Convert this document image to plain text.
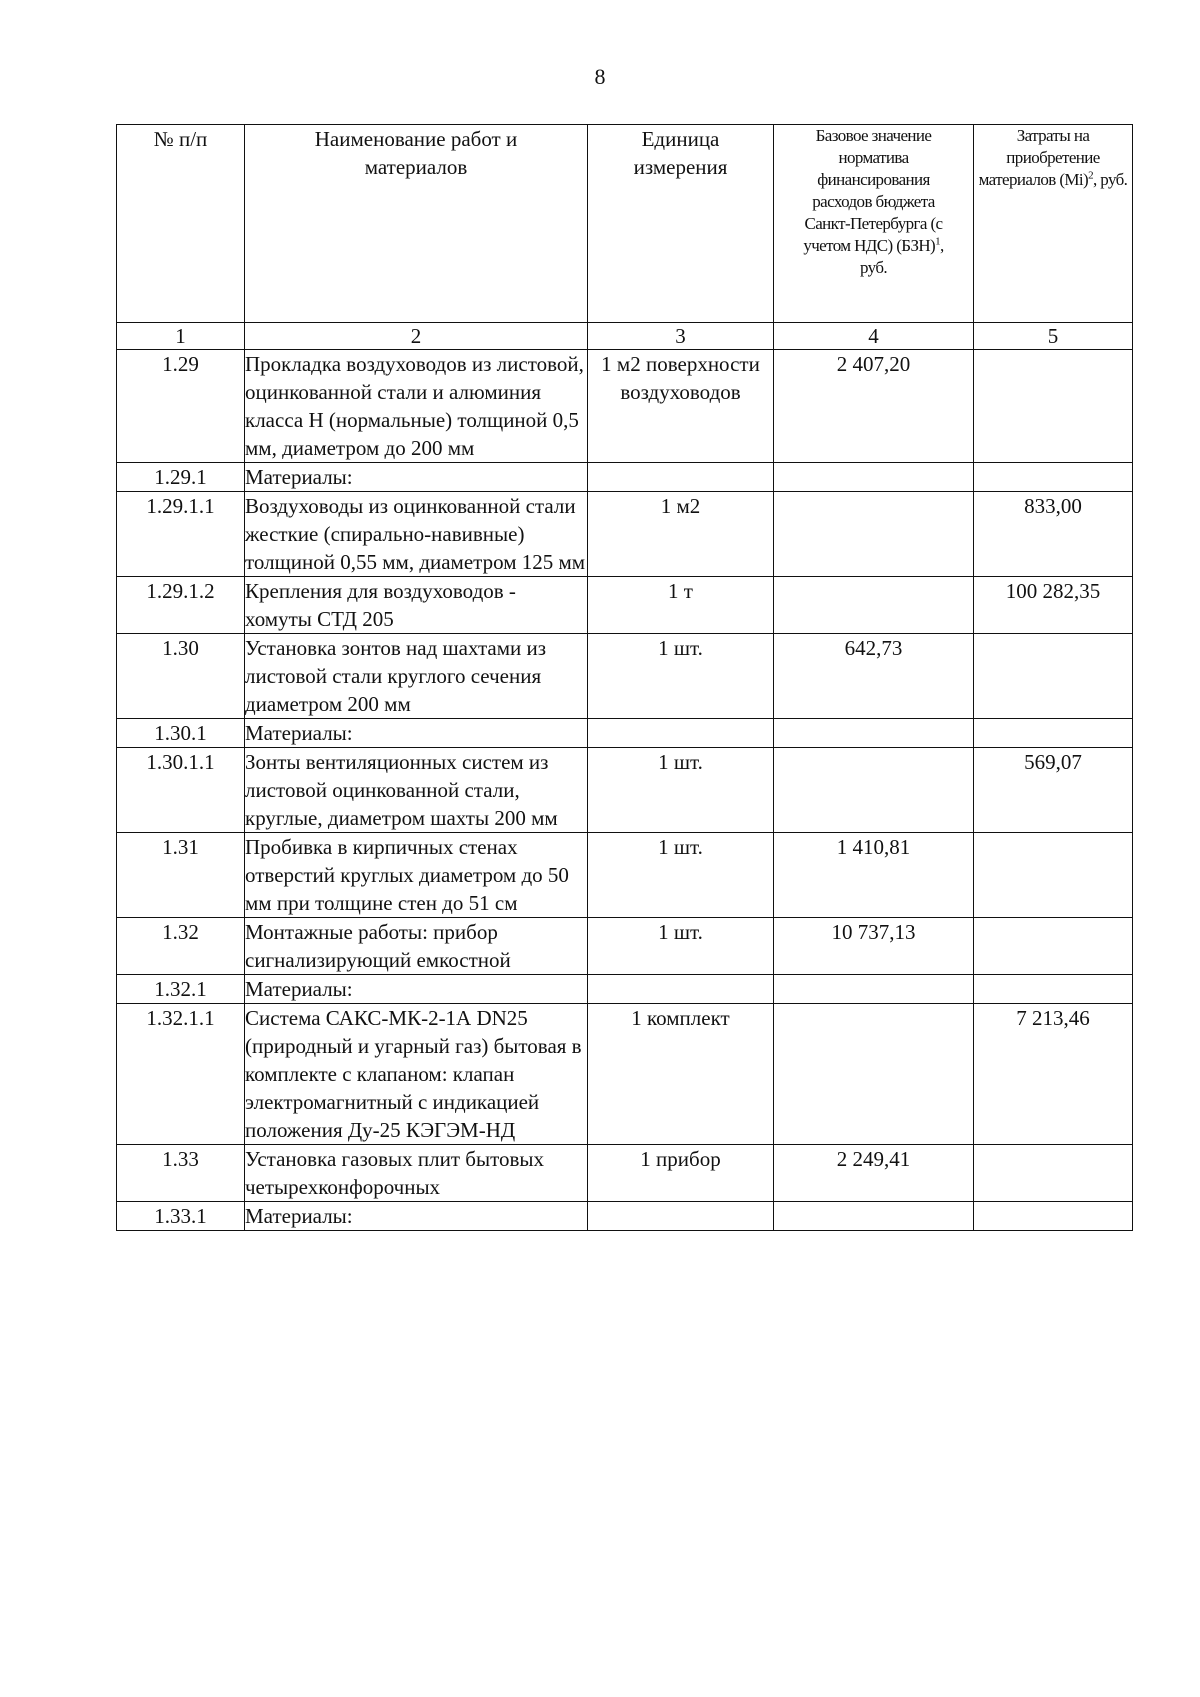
8
№ п/п	Наименование работ и материалов	Единица измерения	Базовое значение норматива финансирования расходов бюджета Санкт-Петербурга (с учетом НДС) (БЗН)$^1$, руб.	Затраты на приобретение материалов $(Mi)^2$, руб.
1	2	3	4	5
1.29	Прокладка воздуховодов из листовой, оцинкованной стали и алюминия класса Н (нормальные) толщиной 0,5 мм, диаметром до 200 мм	1 м2 поверхности воздуховодов	2 407,20	
1.29.1	Материалы:			
1.29.1.1	Воздуховоды из оцинкованной стали жесткие (спирально-навивные) толщиной 0,55 мм, диаметром 125 мм	1 м2		833,00
1.29.1.2	Крепления для воздуховодов - хомуты СТД 205	1 т		100 282,35
1.30	Установка зонтов над шахтами из листовой стали круглого сечения диаметром 200 мм	1 шт.	642,73	
1.30.1	Материалы:			
1.30.1.1	Зонты вентиляционных систем из листовой оцинкованной стали, круглые, диаметром шахты 200 мм	1 шт.		569,07
1.31	Пробивка в кирпичных стенах отверстий круглых диаметром до 50 мм при толщине стен до 51 см	1 шт.	1 410,81	
1.32	Монтажные работы: прибор сигнализирующий емкостной	1 шт.	10 737,13	
1.32.1	Материалы:			
1.32.1.1	Система САКС-МК-2-1А DN25 (природный и угарный газ) бытовая в комплекте с клапаном: клапан электромагнитный с индикацией положения Ду-25 КЭГЭМ-НД	1 комплект		7 213,46
1.33	Установка газовых плит бытовых четырехконфорочных	1 прибор	2 249,41	
1.33.1	Материалы:			
